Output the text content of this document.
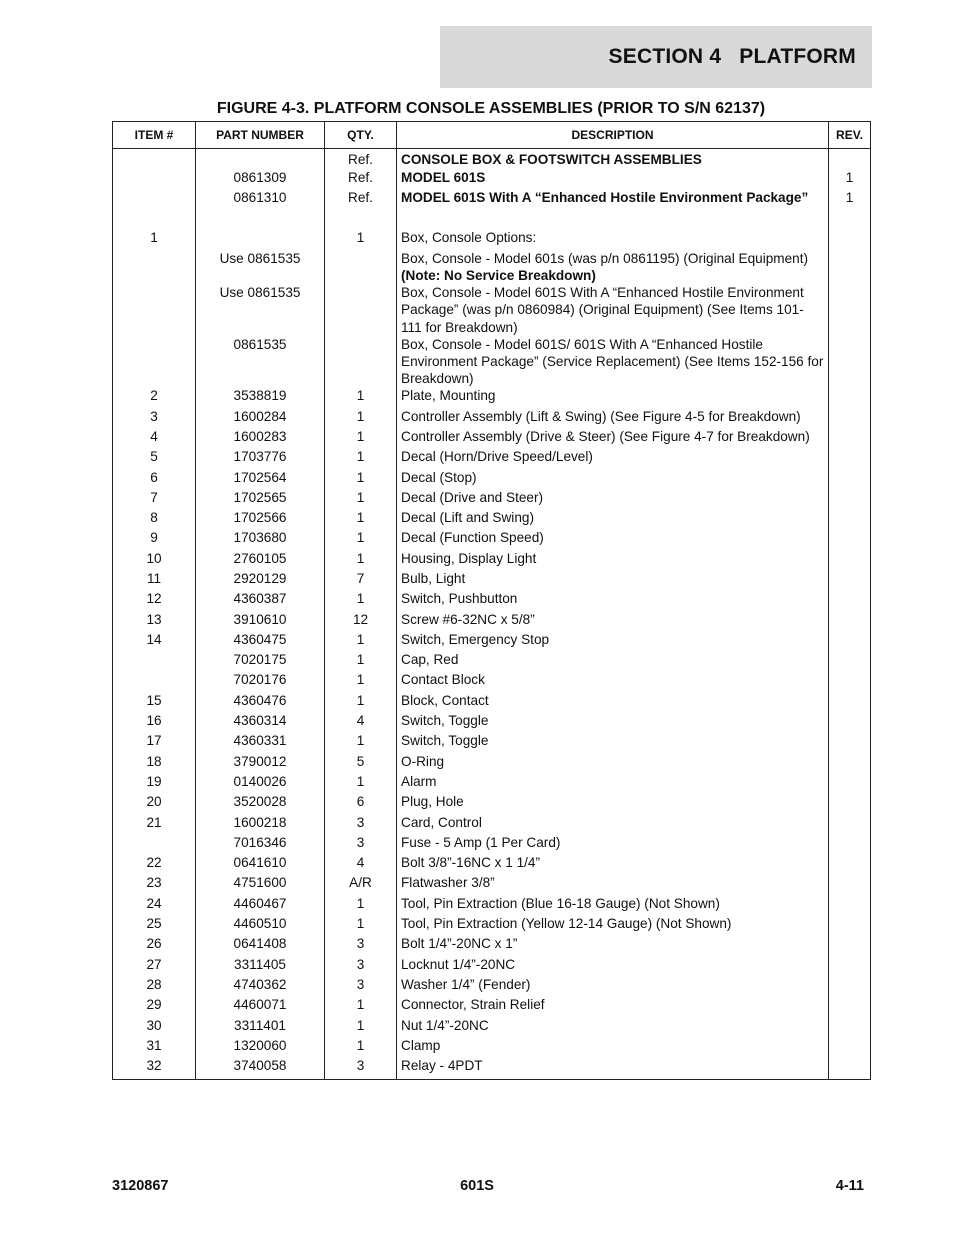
SECTION 4   PLATFORM
FIGURE 4-3. PLATFORM CONSOLE ASSEMBLIES (PRIOR TO S/N 62137)
ITEM #	PART NUMBER	QTY.	DESCRIPTION	REV.
		Ref.	CONSOLE BOX & FOOTSWITCH ASSEMBLIES	
	0861309	Ref.	MODEL 601S	1
	0861310	Ref.	MODEL 601S With A “Enhanced Hostile Environment Package”	1

1		1	Box, Console Options:	
	Use 0861535		Box, Console - Model 601s (was p/n 0861195) (Original Equipment) (Note: No Service Breakdown)	
	Use 0861535		Box, Console - Model 601S With A “Enhanced Hostile Environment Package” (was p/n 0860984) (Original Equipment) (See Items 101-111 for Breakdown)	
	0861535		Box, Console - Model 601S/ 601S With A “Enhanced Hostile Environment Package” (Service Replacement) (See Items 152-156 for Breakdown)	
2	3538819	1	Plate, Mounting	
3	1600284	1	Controller Assembly (Lift & Swing) (See Figure 4-5 for Breakdown)	
4	1600283	1	Controller Assembly (Drive & Steer) (See Figure 4-7 for Breakdown)	
5	1703776	1	Decal (Horn/Drive Speed/Level)	
6	1702564	1	Decal (Stop)	
7	1702565	1	Decal (Drive and Steer)	
8	1702566	1	Decal (Lift and Swing)	
9	1703680	1	Decal (Function Speed)	
10	2760105	1	Housing, Display Light	
11	2920129	7	Bulb, Light	
12	4360387	1	Switch, Pushbutton	
13	3910610	12	Screw #6-32NC x 5/8”	
14	4360475	1	Switch, Emergency Stop	
	7020175	1	Cap, Red	
	7020176	1	Contact Block	
15	4360476	1	Block, Contact	
16	4360314	4	Switch, Toggle	
17	4360331	1	Switch, Toggle	
18	3790012	5	O-Ring	
19	0140026	1	Alarm	
20	3520028	6	Plug, Hole	
21	1600218	3	Card, Control	
	7016346	3	Fuse - 5 Amp (1 Per Card)	
22	0641610	4	Bolt 3/8”-16NC x 1 1/4”	
23	4751600	A/R	Flatwasher 3/8”	
24	4460467	1	Tool, Pin Extraction (Blue 16-18 Gauge) (Not Shown)	
25	4460510	1	Tool, Pin Extraction (Yellow 12-14 Gauge) (Not Shown)	
26	0641408	3	Bolt 1/4”-20NC x 1”	
27	3311405	3	Locknut 1/4”-20NC	
28	4740362	3	Washer 1/4” (Fender)	
29	4460071	1	Connector, Strain Relief	
30	3311401	1	Nut 1/4”-20NC	
31	1320060	1	Clamp	
32	3740058	3	Relay - 4PDT	
3120867	601S	4-11
